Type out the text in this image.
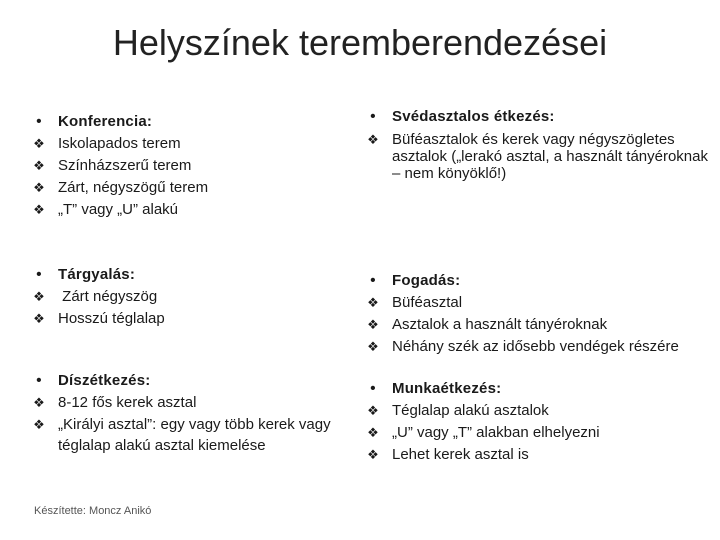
Helyszínek teremberendezései
• Konferencia:
❖ Iskolapados terem
❖ Színházszerű terem
❖ Zárt, négyszögű terem
❖ „T” vagy „U” alakú
• Tárgyalás:
❖ Zárt négyszög
❖ Hosszú téglalap
• Díszétkezés:
❖ 8-12 fős kerek asztal
❖ „Királyi asztal”: egy vagy több kerek vagy téglalap alakú asztal kiemelése
• Svédasztalos étkezés:
❖ Büféasztalok és kerek vagy négyszögletes asztalok („lerakó asztal, a használt tányéroknak – nem könyöklő!)
• Fogadás:
❖ Büféasztal
❖ Asztalok a használt tányéroknak
❖ Néhány szék az idősebb vendégek részére
• Munkaétkezés:
❖ Téglalap alakú asztalok
❖ „U” vagy „T” alakban elhelyezni
❖ Lehet kerek asztal is
Készítette: Moncz Anikó
